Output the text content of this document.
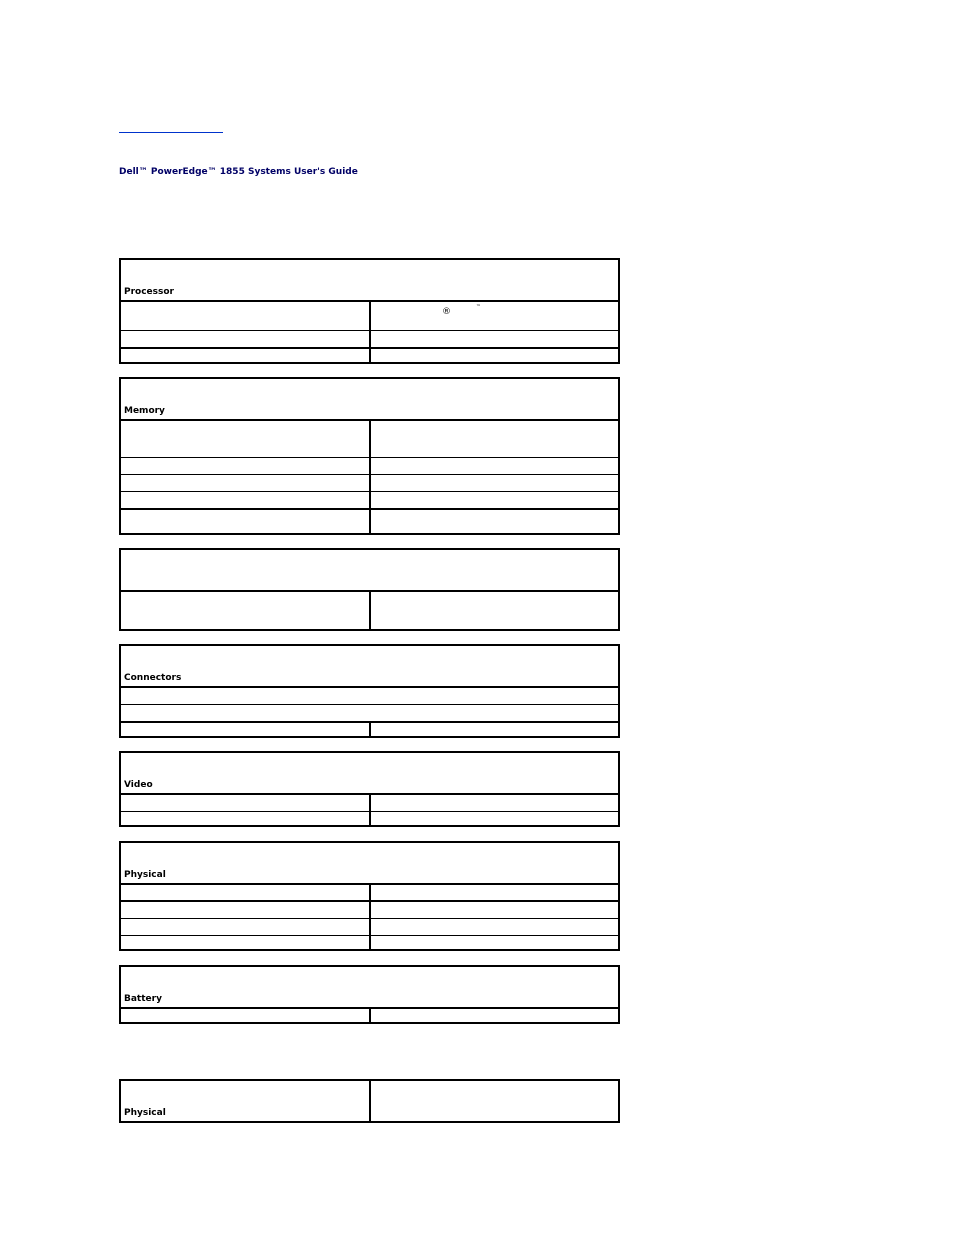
Dell™ PowerEdge™ 1855 Systems User's Guide
Processor
®	™
Memory
Connectors
Video
Physical
Battery
Physical
